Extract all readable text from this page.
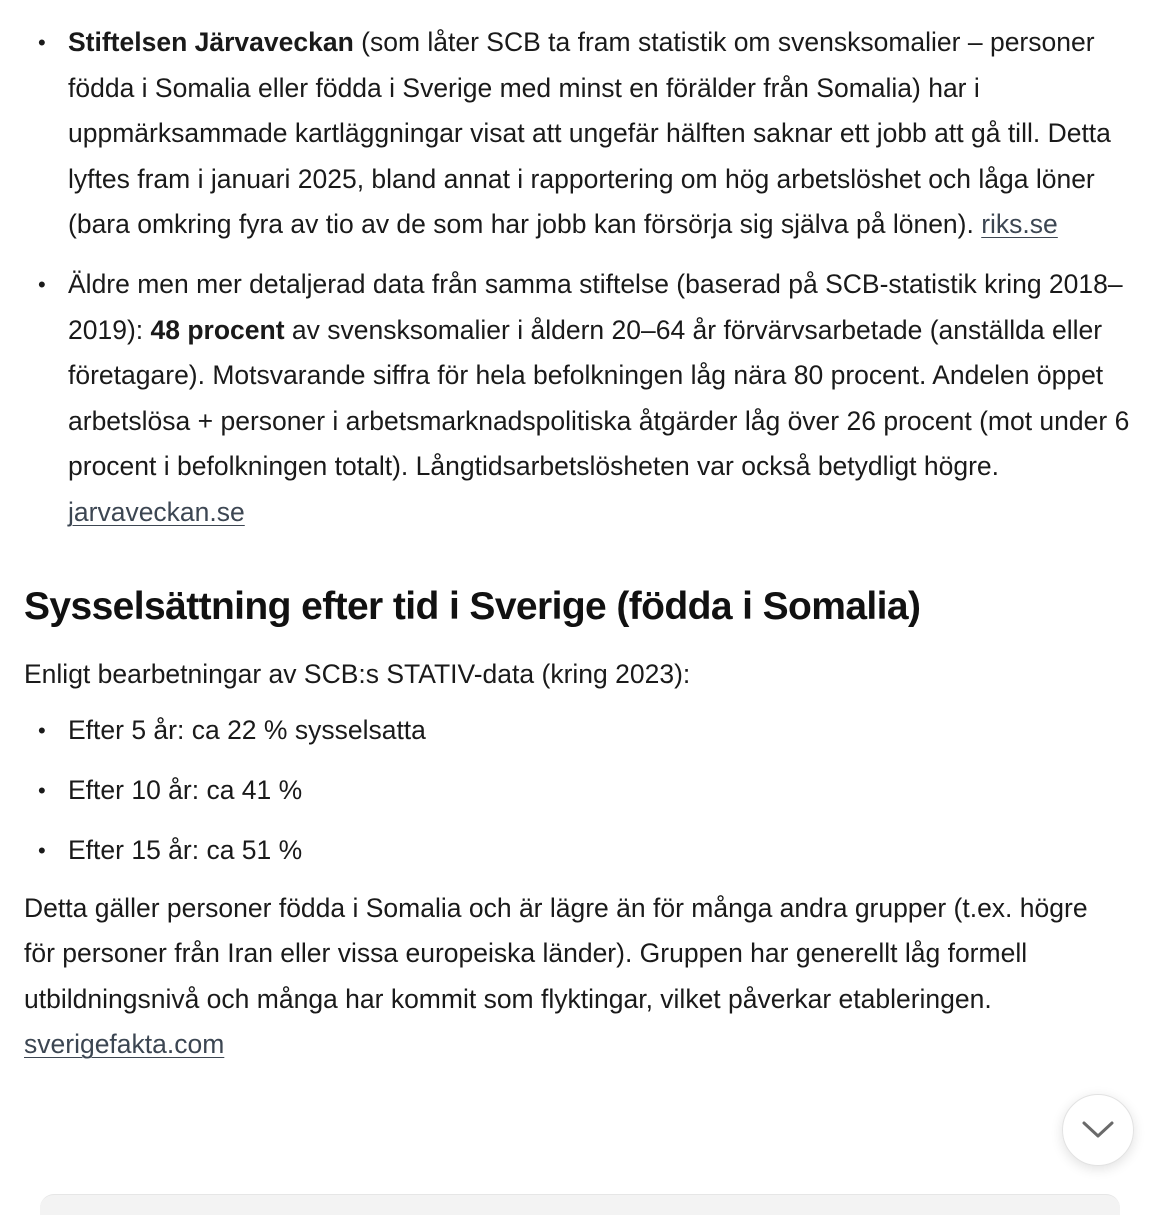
• Stiftelsen Järvaveckan (som låter SCB ta fram statistik om svensksomalier – personer födda i Somalia eller födda i Sverige med minst en förälder från Somalia) har i uppmärksammade kartläggningar visat att ungefär hälften saknar ett jobb att gå till. Detta lyftes fram i januari 2025, bland annat i rapportering om hög arbetslöshet och låga löner (bara omkring fyra av tio av de som har jobb kan försörja sig själva på lönen). riks.se
• Äldre men mer detaljerad data från samma stiftelse (baserad på SCB-statistik kring 2018–2019): 48 procent av svensksomalier i åldern 20–64 år förvärvsarbetade (anställda eller företagare). Motsvarande siffra för hela befolkningen låg nära 80 procent. Andelen öppet arbetslösa + personer i arbetsmarknadspolitiska åtgärder låg över 26 procent (mot under 6 procent i befolkningen totalt). Långtidsarbetslösheten var också betydligt högre. jarvaveckan.se
Sysselsättning efter tid i Sverige (födda i Somalia)

Enligt bearbetningar av SCB:s STATIV-data (kring 2023):

• Efter 5 år: ca 22 % sysselsatta
• Efter 10 år: ca 41 %
• Efter 15 år: ca 51 %

Detta gäller personer födda i Somalia och är lägre än för många andra grupper (t.ex. högre för personer från Iran eller vissa europeiska länder). Gruppen har generellt låg formell utbildningsnivå och många har kommit som flyktingar, vilket påverkar etableringen. sverigefakta.com
